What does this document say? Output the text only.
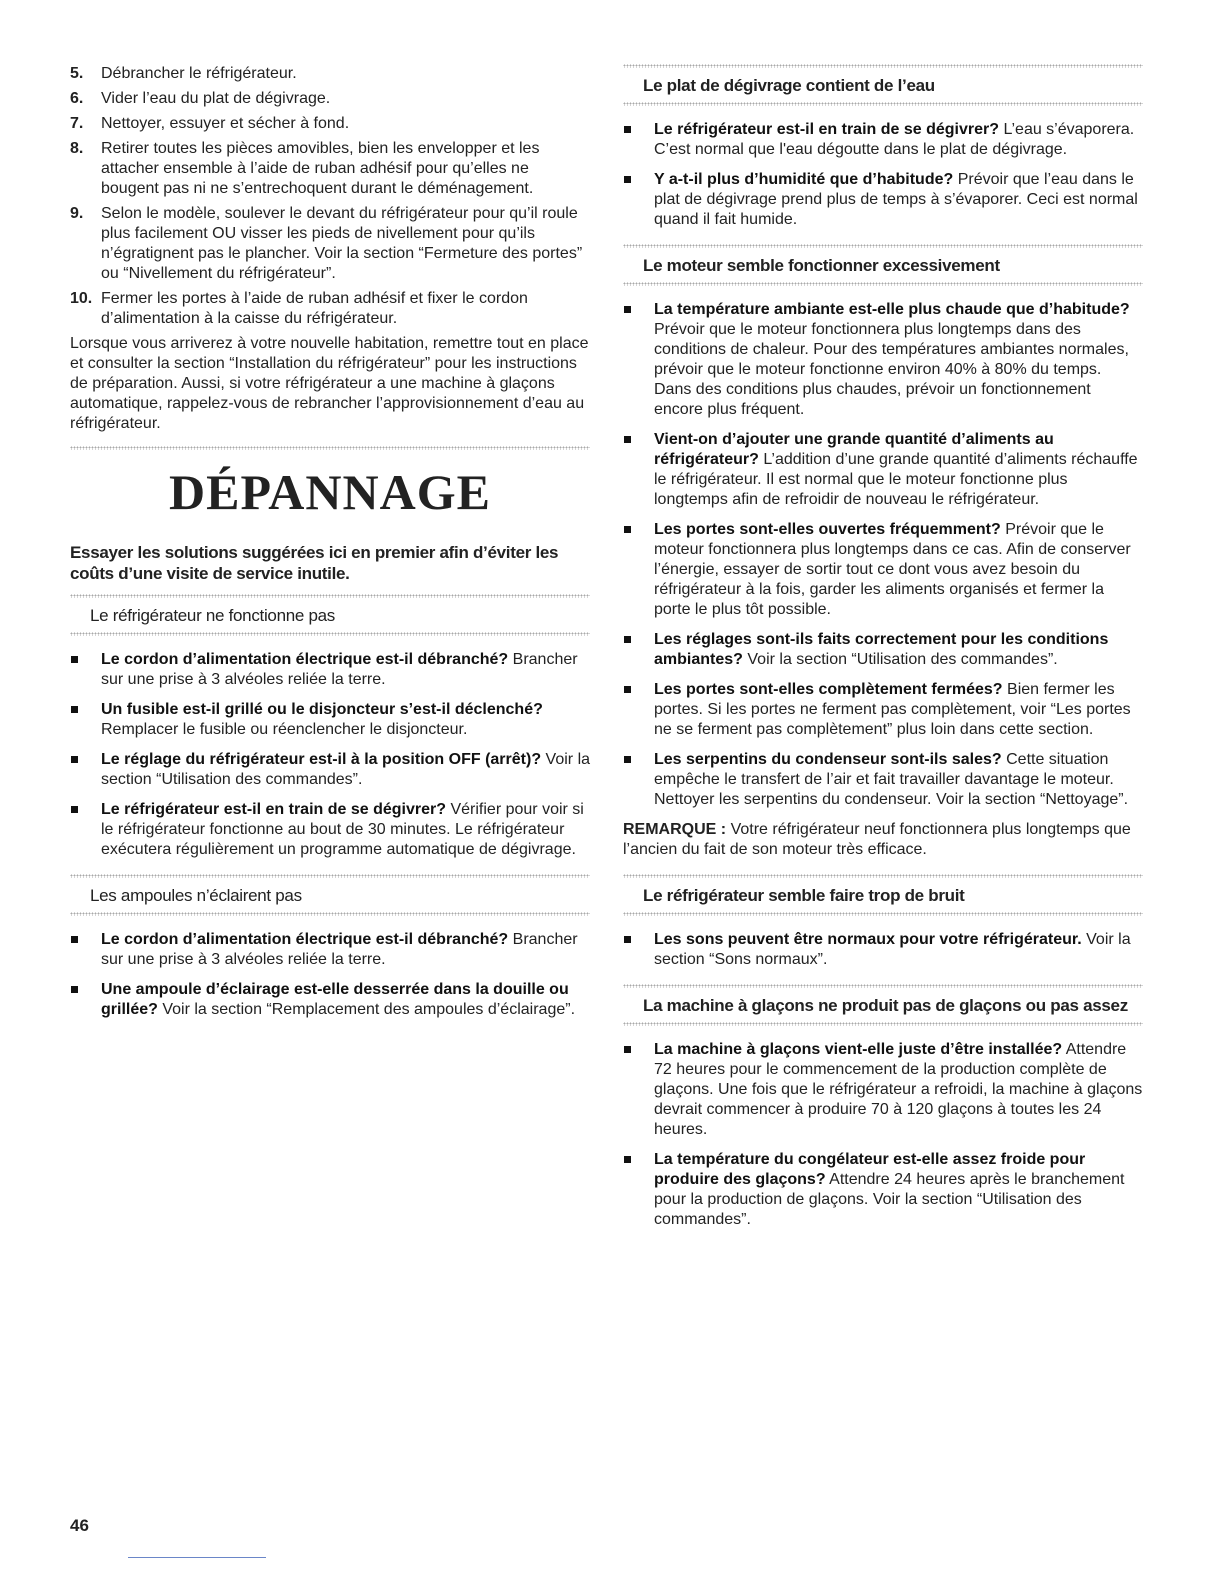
5. Débrancher le réfrigérateur.
6. Vider l’eau du plat de dégivrage.
7. Nettoyer, essuyer et sécher à fond.
8. Retirer toutes les pièces amovibles, bien les envelopper et les attacher ensemble à l’aide de ruban adhésif pour qu’elles ne bougent pas ni ne s’entrechoquent durant le déménagement.
9. Selon le modèle, soulever le devant du réfrigérateur pour qu’il roule plus facilement OU visser les pieds de nivellement pour qu’ils n’égratignent pas le plancher. Voir la section “Fermeture des portes” ou “Nivellement du réfrigérateur”.
10. Fermer les portes à l’aide de ruban adhésif et fixer le cordon d’alimentation à la caisse du réfrigérateur.

Lorsque vous arriverez à votre nouvelle habitation, remettre tout en place et consulter la section “Installation du réfrigérateur” pour les instructions de préparation. Aussi, si votre réfrigérateur a une machine à glaçons automatique, rappelez-vous de rebrancher l’approvisionnement d’eau au réfrigérateur.

DÉPANNAGE

Essayer les solutions suggérées ici en premier afin d’éviter les coûts d’une visite de service inutile.

Le réfrigérateur ne fonctionne pas
Le cordon d’alimentation électrique est-il débranché? Brancher sur une prise à 3 alvéoles reliée la terre.
Un fusible est-il grillé ou le disjoncteur s’est-il déclenché? Remplacer le fusible ou réenclencher le disjoncteur.
Le réglage du réfrigérateur est-il à la position OFF (arrêt)? Voir la section “Utilisation des commandes”.
Le réfrigérateur est-il en train de se dégivrer? Vérifier pour voir si le réfrigérateur fonctionne au bout de 30 minutes. Le réfrigérateur exécutera régulièrement un programme automatique de dégivrage.
Les ampoules n’éclairent pas
Le cordon d’alimentation électrique est-il débranché? Brancher sur une prise à 3 alvéoles reliée la terre.
Une ampoule d’éclairage est-elle desserrée dans la douille ou grillée? Voir la section “Remplacement des ampoules d’éclairage”.
Le plat de dégivrage contient de l’eau
Le réfrigérateur est-il en train de se dégivrer? L’eau s’évaporera. C’est normal que l'eau dégoutte dans le plat de dégivrage.
Y a-t-il plus d’humidité que d’habitude? Prévoir que l’eau dans le plat de dégivrage prend plus de temps à s’évaporer. Ceci est normal quand il fait humide.
Le moteur semble fonctionner excessivement
La température ambiante est-elle plus chaude que d’habitude? Prévoir que le moteur fonctionnera plus longtemps dans des conditions de chaleur. Pour des températures ambiantes normales, prévoir que le moteur fonctionne environ 40% à 80% du temps. Dans des conditions plus chaudes, prévoir un fonctionnement encore plus fréquent.
Vient-on d’ajouter une grande quantité d’aliments au réfrigérateur? L’addition d’une grande quantité d’aliments réchauffe le réfrigérateur. Il est normal que le moteur fonctionne plus longtemps afin de refroidir de nouveau le réfrigérateur.
Les portes sont-elles ouvertes fréquemment? Prévoir que le moteur fonctionnera plus longtemps dans ce cas. Afin de conserver l’énergie, essayer de sortir tout ce dont vous avez besoin du réfrigérateur à la fois, garder les aliments organisés et fermer la porte le plus tôt possible.
Les réglages sont-ils faits correctement pour les conditions ambiantes? Voir la section “Utilisation des commandes”.
Les portes sont-elles complètement fermées? Bien fermer les portes. Si les portes ne ferment pas complètement, voir “Les portes ne se ferment pas complètement” plus loin dans cette section.
Les serpentins du condenseur sont-ils sales? Cette situation empêche le transfert de l’air et fait travailler davantage le moteur. Nettoyer les serpentins du condenseur. Voir la section “Nettoyage”.

REMARQUE : Votre réfrigérateur neuf fonctionnera plus longtemps que l’ancien du fait de son moteur très efficace.

Le réfrigérateur semble faire trop de bruit
Les sons peuvent être normaux pour votre réfrigérateur. Voir la section “Sons normaux”.
La machine à glaçons ne produit pas de glaçons ou pas assez
La machine à glaçons vient-elle juste d’être installée? Attendre 72 heures pour le commencement de la production complète de glaçons. Une fois que le réfrigérateur a refroidi, la machine à glaçons devrait commencer à produire 70 à 120 glaçons à toutes les 24 heures.
La température du congélateur est-elle assez froide pour produire des glaçons? Attendre 24 heures après le branchement pour la production de glaçons. Voir la section “Utilisation des commandes”.
46
